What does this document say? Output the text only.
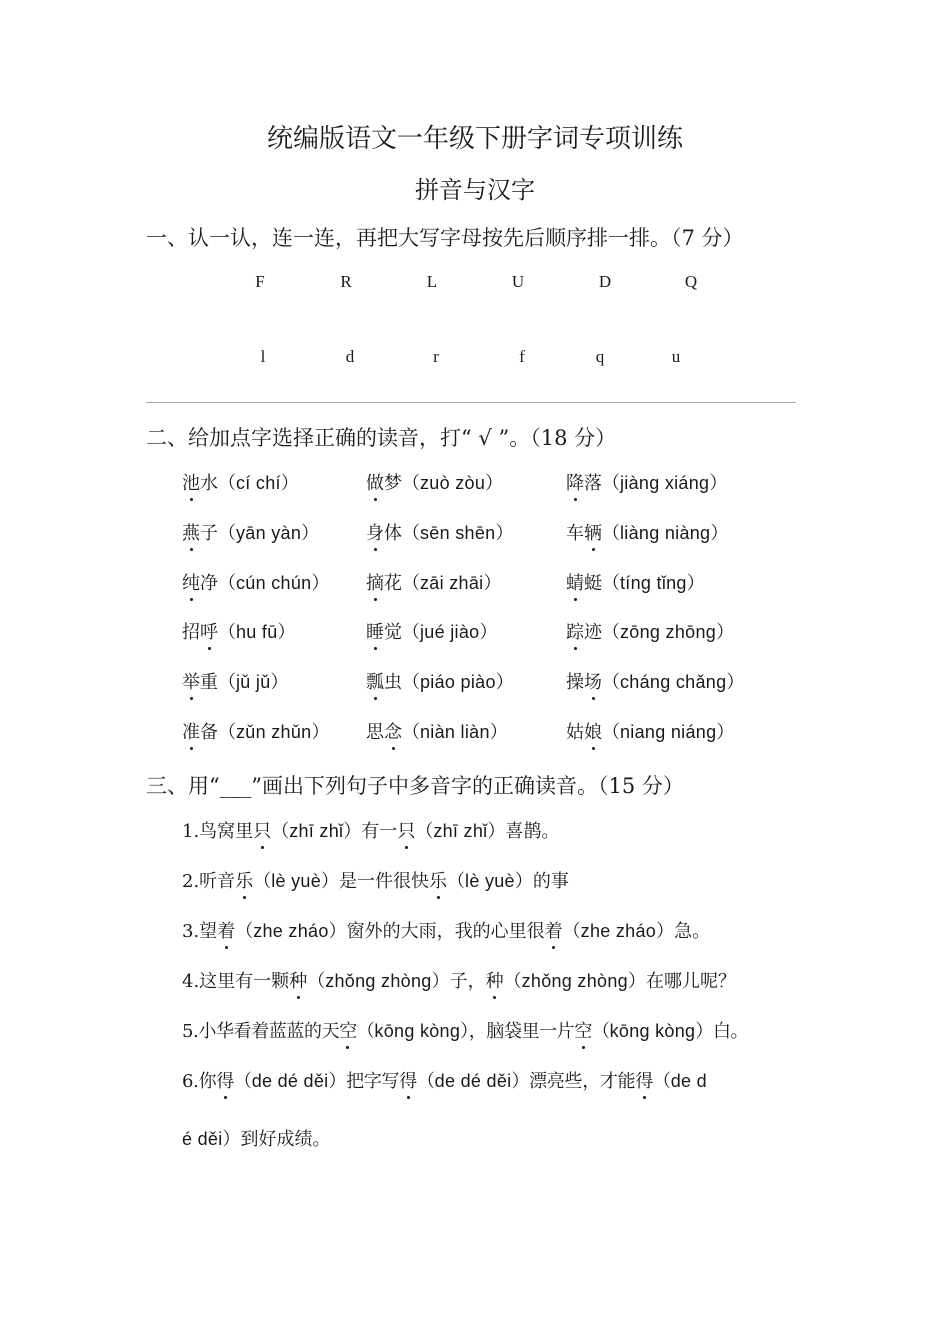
统编版语文一年级下册字词专项训练
拼音与汉字
一、认一认，连一连，再把大写字母按先后顺序排一排。（7 分）
F	R	L	U	D	Q
l	d	r	f	q	u
二、给加点字选择正确的读音，打“ √ ”。（18 分）
池水（cí chí）	做梦（zuò zòu）	降落（jiàng xiáng）
燕子（yān yàn）	身体（sēn shēn）	车辆（liàng niàng）
纯净（cún chún） 摘花（zāi zhāi）	蜻蜓（tíng tǐng）
招呼（hu fū）	睡觉（jué jiào）	踪迹（zōng zhōng）
举重（jǔ jǔ）	瓢虫（piáo piào）	操场（cháng chǎng）
准备（zǔn zhǔn） 思念（niàn liàn）	姑娘（niang niáng）
三、用“___”画出下列句子中多音字的正确读音。（15 分）
1.鸟窝里只（zhī zhǐ）有一只（zhī zhǐ）喜鹊。
2.听音乐（lè yuè）是一件很快乐（lè yuè）的事
3.望着（zhe zháo）窗外的大雨，我的心里很着（zhe zháo）急。
4.这里有一颗种（zhǒng zhòng）子，种（zhǒng zhòng）在哪儿呢？
5.小华看着蓝蓝的天空（kōng kòng），脑袋里一片空（kōng kòng）白。
6.你得（de dé děi）把字写得（de dé děi）漂亮些，才能得（de d
é děi）到好成绩。
